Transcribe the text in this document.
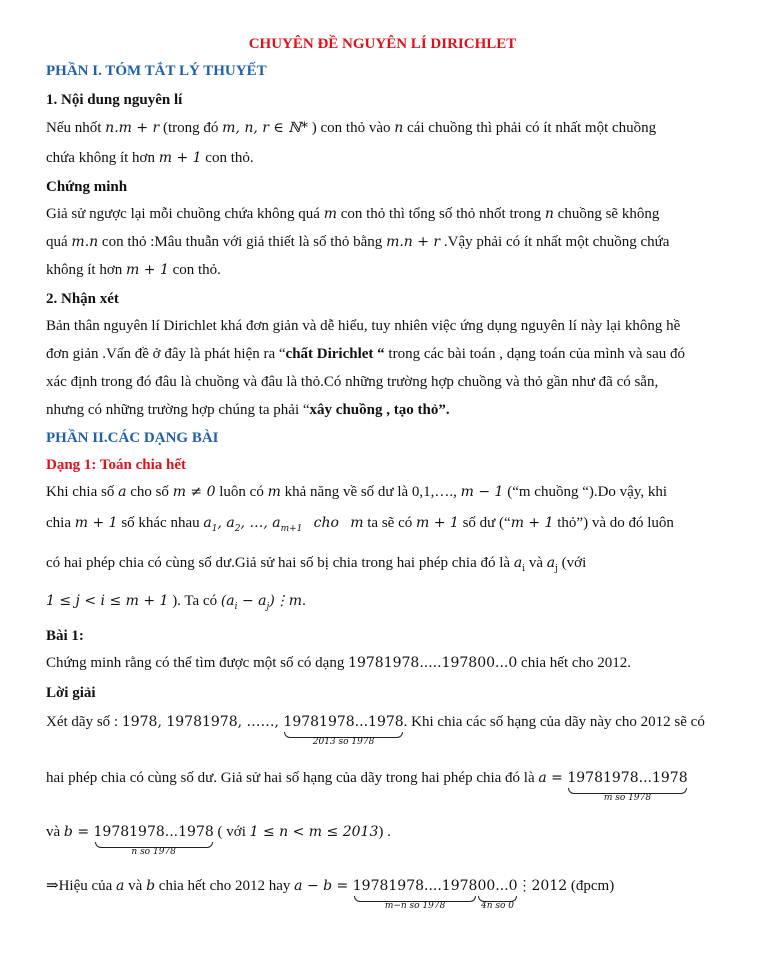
CHUYÊN ĐỀ NGUYÊN LÍ DIRICHLET
PHẦN I. TÓM TẮT LÝ THUYẾT
1. Nội dung nguyên lí
Nếu nhốt n.m + r (trong đó m, n, r ∈ ℕ* ) con thỏ vào n cái chuồng thì phải có ít nhất một chuồng
chứa không ít hơn m + 1 con thỏ.
Chứng minh
Giả sử ngược lại mỗi chuồng chứa không quá m con thỏ thì tổng số thỏ nhốt trong n chuồng sẽ không
quá m.n con thỏ :Mâu thuẫn với giả thiết là số thỏ bằng m.n + r .Vậy phải có ít nhất một chuồng chứa
không ít hơn m + 1 con thỏ.
2. Nhận xét
Bản thân nguyên lí Dirichlet khá đơn giản và dễ hiểu, tuy nhiên việc ứng dụng nguyên lí này lại không hề
đơn giản .Vấn đề ở đây là phát hiện ra “chất Dirichlet “ trong các bài toán , dạng toán của mình và sau đó
xác định trong đó đâu là chuồng và đâu là thỏ.Có những trường hợp chuồng và thỏ gần như đã có sẵn,
nhưng có những trường hợp chúng ta phải “xây chuồng , tạo thỏ”.
PHẦN II.CÁC DẠNG BÀI
Dạng 1: Toán chia hết
Khi chia số a cho số m ≠ 0 luôn có m khả năng về số dư là 0,1,…., m − 1 (“m chuồng “).Do vậy, khi
chia m + 1 số khác nhau $a_1$, $a_2$, …, $a_{m+1}$ cho m ta sẽ có m + 1 số dư (“m + 1 thỏ”) và do đó luôn
có hai phép chia có cùng số dư.Giả sử hai số bị chia trong hai phép chia đó là $a_i$ và $a_j$ (với
1 ≤ j < i ≤ m + 1 ). Ta có ($a_i$ − $a_j)⋮m$.
Bài 1:
Chứng minh rằng có thể tìm được một số có dạng 19781978.....197800...0 chia hết cho 2012.
Lời giải
Xét dãy số : 1978, 19781978, ……, 19781978...1978
2013 so 1978
. Khi chia các số hạng của dãy này cho 2012 sẽ có
hai phép chia có cùng số dư. Giả sử hai số hạng của dãy trong hai phép chia đó là a = 19781978...1978
m so 1978
và b = 19781978...1978
n so 1978
( với 1 ≤ n < m ≤ 2013) .
⇒Hiệu của a và b chia hết cho 2012 hay a − b = 19781978....1978
m−n so 1978
00...0
4n so 0
⋮2012 (đpcm)
